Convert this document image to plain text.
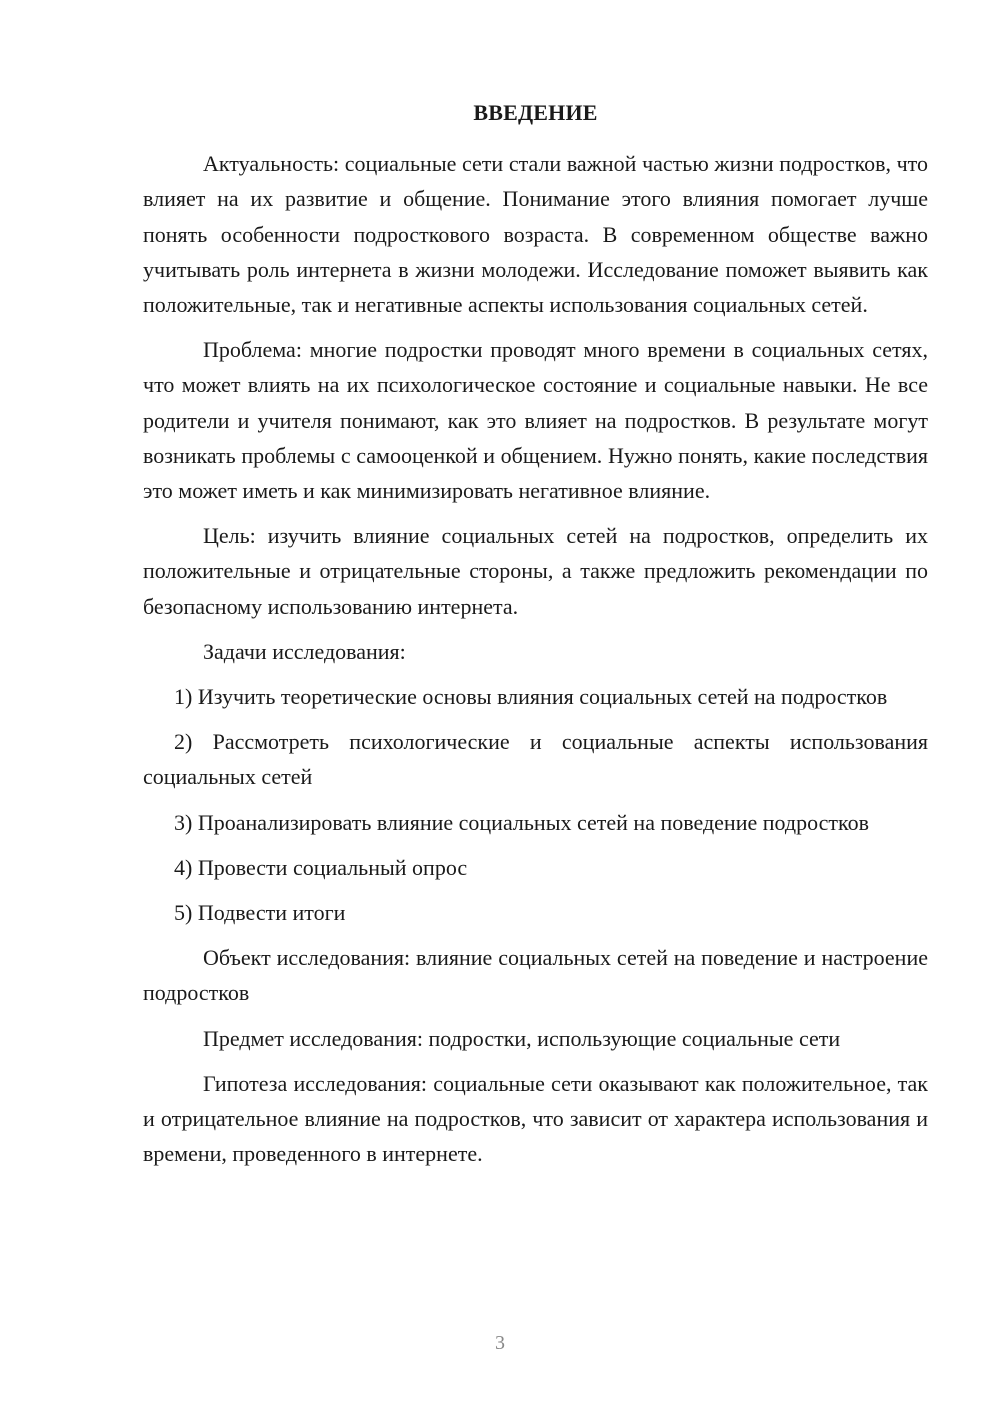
ВВЕДЕНИЕ

Актуальность: социальные сети стали важной частью жизни подростков, что влияет на их развитие и общение. Понимание этого влияния помогает лучше понять особенности подросткового возраста. В современном обществе важно учитывать роль интернета в жизни молодежи. Исследование поможет выявить как положительные, так и негативные аспекты использования социальных сетей.

Проблема: многие подростки проводят много времени в социальных сетях, что может влиять на их психологическое состояние и социальные навыки. Не все родители и учителя понимают, как это влияет на подростков. В результате могут возникать проблемы с самооценкой и общением. Нужно понять, какие последствия это может иметь и как минимизировать негативное влияние.

Цель: изучить влияние социальных сетей на подростков, определить их положительные и отрицательные стороны, а также предложить рекомендации по безопасному использованию интернета.

Задачи исследования:

1) Изучить теоретические основы влияния социальных сетей на подростков

2) Рассмотреть психологические и социальные аспекты использования социальных сетей

3) Проанализировать влияние социальных сетей на поведение подростков

4) Провести социальный опрос

5) Подвести итоги

Объект исследования: влияние социальных сетей на поведение и настроение подростков

Предмет исследования: подростки, использующие социальные сети

Гипотеза исследования: социальные сети оказывают как положительное, так и отрицательное влияние на подростков, что зависит от характера использования и времени, проведенного в интернете.

3
